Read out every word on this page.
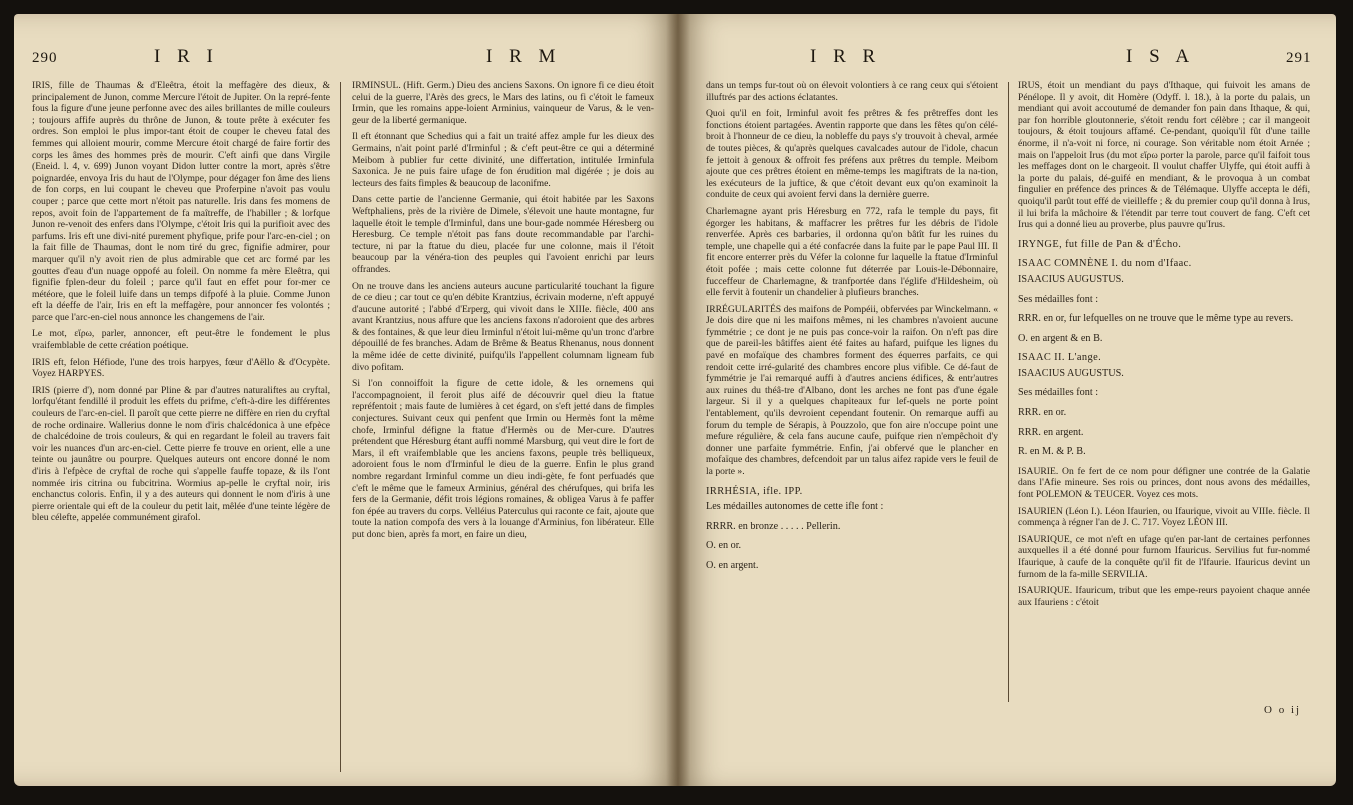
290	I R I	I R M

IRIS, fille de Thaumas & d'Eleêtra, étoit la meffagère des dieux, & principalement de Junon, comme Mercure l'étoit de Jupiter. On la repré-fente fous la figure d'une jeune perfonne avec des ailes brillantes de mille couleurs ; toujours affife auprès du thrône de Junon, & toute prête à exécuter fes ordres. Son emploi le plus impor-tant étoit de couper le cheveu fatal des femmes qui alloient mourir, comme Mercure étoit chargé de faire fortir des corps les âmes des hommes près de mourir. C'eft ainfi que dans Virgile (Eneid. l. 4, v. 699) Junon voyant Didon lutter contre la mort, après s'être poignardée, envoya Iris du haut de l'Olympe, pour dégager fon âme des liens de fon corps, en lui coupant le cheveu que Proferpine n'avoit pas voulu couper ; parce que cette mort n'étoit pas naturelle. Iris dans fes momens de repos, avoit foin de l'appartement de fa maîtreffe, de l'habiller ; & lorfque Junon re-venoit des enfers dans l'Olympe, c'étoit Iris qui la purifioit avec des parfums. Iris eft une divi-nité purement phyfique, prife pour l'arc-en-ciel ; on la fait fille de Thaumas, dont le nom tiré du grec, fignifie admirer, pour marquer qu'il n'y avoit rien de plus admirable que cet arc formé par les gouttes d'eau d'un nuage oppofé au foleil. On nomme fa mère Eleêtra, qui fignifie fplen-deur du foleil ; parce qu'il faut en effet pour for-mer ce météore, que le foleil luife dans un temps difpofé à la pluie. Comme Junon eft la déeffe de l'air, Iris en eft la meffagère, pour annoncer fes volontés ; parce que l'arc-en-ciel nous annonce les changemens de l'air.

Le mot, εἴρω, parler, annoncer, eft peut-être le fondement le plus vraifemblable de cette création poétique.

IRIS eft, felon Héfiode, l'une des trois harpyes, fœur d'Aëllo & d'Ocypète. Voyez HARPYES.

IRIS (pierre d'), nom donné par Pline & par d'autres naturaliftes au cryftal, lorfqu'étant fendillé il produit les effets du prifme, c'eft-à-dire les différentes couleurs de l'arc-en-ciel. Il paroît que cette pierre ne diffère en rien du cryftal de roche ordinaire. Wallerius donne le nom d'iris chalcédonica à une efpèce de chalcédoine de trois couleurs, & qui en regardant le foleil au travers fait voir les nuances d'un arc-en-ciel. Cette pierre fe trouve en orient, elle a une teinte ou jaunâtre ou pourpre. Quelques auteurs ont encore donné le nom d'iris à l'efpèce de cryftal de roche qui s'appelle fauffe topaze, & ils l'ont nommée iris citrina ou fubcitrina. Wormius ap-pelle le cryftal noir, iris enchanctus coloris. Enfin, il y a des auteurs qui donnent le nom d'iris à une pierre orientale qui eft de la couleur du petit lait, mêlée d'une teinte légère de bleu célefte, appelée communément girafol.

IRMINSUL. (Hift. Germ.) Dieu des anciens Saxons. On ignore fi ce dieu étoit celui de la guerre, l'Arès des grecs, le Mars des latins, ou fi c'étoit le fameux Irmin, que les romains appe-loient Arminius, vainqueur de Varus, & le ven-geur de la liberté germanique.

Il eft étonnant que Schedius qui a fait un traité affez ample fur les dieux des Germains, n'ait point parlé d'Irminful ; & c'eft peut-être ce qui a déterminé Meibom à publier fur cette divinité, une differtation, intitulée Irminfula Saxonica. Je ne puis faire ufage de fon érudition mal digérée ; je dois au lecteurs des faits fimples & beaucoup de laconifme.

Dans cette partie de l'ancienne Germanie, qui étoit habitée par les Saxons Weftphaliens, près de la rivière de Dimele, s'élevoit une haute montagne, fur laquelle étoit le temple d'Irminful, dans une bour-gade nommée Héresberg ou Heresburg. Ce temple n'étoit pas fans doute recommandable par l'archi-tecture, ni par la ftatue du dieu, placée fur une colonne, mais il l'étoit beaucoup par la vénéra-tion des peuples qui l'avoient enrichi par leurs offrandes.

On ne trouve dans les anciens auteurs aucune particularité touchant la figure de ce dieu ; car tout ce qu'en débite Krantzius, écrivain moderne, n'eft appuyé d'aucune autorité ; l'abbé d'Erperg, qui vivoit dans le XIIIe. fiècle, 400 ans avant Krantzius, nous affure que les anciens faxons n'adoroient que des arbres & des fontaines, & que leur dieu Irminful n'étoit lui-même qu'un tronc d'arbre dépouillé de fes branches. Adam de Brême & Beatus Rhenanus, nous donnent la même idée de cette divinité, puifqu'ils l'appellent columnam ligneam fub divo pofitam.

Si l'on connoiffoit la figure de cette idole, & les ornemens qui l'accompagnoient, il feroit plus aifé de découvrir quel dieu la ftatue repréfentoit ; mais faute de lumières à cet égard, on s'eft jetté dans de fimples conjectures. Suivant ceux qui penfent que Irmin ou Hermès font la même chofe, Irminful défigne la ftatue d'Hermès ou de Mer-cure. D'autres prétendent que Héresburg étant auffi nommé Marsburg, qui veut dire le fort de Mars, il eft vraifemblable que les anciens faxons, peuple très belliqueux, adoroient fous le nom d'Irminful le dieu de la guerre. Enfin le plus grand nombre regardant Irminful comme un dieu indi-gète, fe font perfuadés que c'eft le même que le fameux Arminius, général des chérufques, qui brifa les fers de la Germanie, défit trois légions romaines, & obligea Varus à fe paffer fon épée au travers du corps. Velléius Paterculus qui raconte ce fait, ajoute que toute la nation compofa des vers à la louange d'Arminius, fon libérateur. Elle put donc bien, après fa mort, en faire un dieu,

I R R	I S A	291

dans un temps fur-tout où on élevoit volontiers à ce rang ceux qui s'étoient illuftrés par des actions éclatantes.

Quoi qu'il en foit, Irminful avoit fes prêtres & fes prêtreffes dont les fonctions étoient partagées. Aventin rapporte que dans les fêtes qu'on célé-broit à l'honneur de ce dieu, la nobleffe du pays s'y trouvoit à cheval, armée de toutes pièces, & qu'après quelques cavalcades autour de l'idole, chacun fe jettoit à genoux & offroit fes préfens aux prêtres du temple. Meibom ajoute que ces prêtres étoient en même-temps les magiftrats de la na-tion, les exécuteurs de la juftice, & que c'étoit devant eux qu'on examinoit la conduite de ceux qui avoient fervi dans la dernière guerre.

Charlemagne ayant pris Héresburg en 772, rafa le temple du pays, fit égorger les habitans, & maffacrer les prêtres fur les débris de l'idole renverfée. Après ces barbaries, il ordonna qu'on bâtît fur les ruines du temple, une chapelle qui a été confacrée dans la fuite par le pape Paul III. Il fit encore enterrer près du Véfer la colonne fur laquelle la ftatue d'Irminful étoit pofée ; mais cette colonne fut déterrée par Louis-le-Débonnaire, fucceffeur de Charlemagne, & tranfportée dans l'églife d'Hildesheim, où elle fervit à foutenir un chandelier à plufieurs branches.

IRRÉGULARITÉS des maifons de Pompéii, obfervées par Winckelmann. « Je dois dire que ni les maifons mêmes, ni les chambres n'avoient aucune fymmétrie ; ce dont je ne puis pas conce-voir la raifon. On n'eft pas dire que de pareil-les bâtiffes aient été faites au hafard, puifque les lignes du pavé en mofaïque des chambres forment des équerres parfaits, ce qui rendoit cette irré-gularité des chambres encore plus vifible. Ce dé-faut de fymmétrie je l'ai remarqué auffi à d'autres anciens édifices, & entr'autres aux ruines du théâ-tre d'Albano, dont les arches ne font pas d'une égale largeur. Si il y a quelques chapiteaux fur lef-quels ne porte point l'entablement, qu'ils devroient cependant foutenir. On remarque auffi au forum du temple de Sérapis, à Pouzzolo, que fon aire n'occupe point une mefure régulière, & cela fans aucune caufe, puifque rien n'empêchoit d'y donner une parfaite fymmétrie. Enfin, j'ai obfervé que le plancher en mofaïque des chambres, defcendoit par un talus aifez rapide vers le feuil de la porte ».

IRRHÉSIA, ifle. IPP.
Les médailles autonomes de cette ifle font :
RRRR. en bronze . . . . . Pellerin.
O. en or.
O. en argent.

IRUS, étoit un mendiant du pays d'Ithaque, qui fuivoit les amans de Pénélope. Il y avoit, dit Homère (Odyff. l. 18.), à la porte du palais, un mendiant qui avoit accoutumé de demander fon pain dans Ithaque, & qui, par fon horrible gloutonnerie, s'étoit rendu fort célèbre ; car il mangeoit toujours, & étoit toujours affamé. Ce-pendant, quoiqu'il fût d'une taille énorme, il n'a-voit ni force, ni courage. Son véritable nom étoit Arnée ; mais on l'appeloit Irus (du mot εἴρω porter la parole, parce qu'il faifoit tous les meffages dont on le chargeoit. Il voulut chaffer Ulyffe, qui étoit auffi à la porte du palais, dé-guifé en mendiant, & le provoqua à un combat fingulier en préfence des princes & de Télémaque. Ulyffe accepta le défi, quoiqu'il parût tout effé de vieilleffe ; & du premier coup qu'il donna à Irus, il lui brifa la mâchoire & l'étendit par terre tout couvert de fang. C'eft cet Irus qui a donné lieu au proverbe, plus pauvre qu'Irus.

IRYNGE, fut fille de Pan & d'Écho.
ISAAC COMNÈNE I. du nom d'Ifaac.
ISAACIUS AUGUSTUS.
Ses médailles font :
RRR. en or, fur lefquelles on ne trouve que le même type au revers.
O. en argent & en B.
ISAAC II. L'ange.
ISAACIUS AUGUSTUS.
Ses médailles font :
RRR. en or.
RRR. en argent.
R. en M. & P. B.

ISAURIE. On fe fert de ce nom pour défigner une contrée de la Galatie dans l'Afie mineure. Ses rois ou princes, dont nous avons des médailles, font POLEMON & TEUCER. Voyez ces mots.

ISAURIEN (Léon I.). Léon Ifaurien, ou Ifaurique, vivoit au VIIIe. fiècle. Il commença à régner l'an de J. C. 717. Voyez LÉON III.

ISAURIQUE, ce mot n'eft en ufage qu'en par-lant de certaines perfonnes auxquelles il a été donné pour furnom Ifauricus. Servilius fut fur-nommé Ifaurique, à caufe de la conquête qu'il fit de l'Ifaurie. Ifauricus devint un furnom de la fa-mille SERVILIA.

ISAURIQUE. Ifauricum, tribut que les empe-reurs payoient chaque année aux Ifauriens : c'étoit

O o ij
